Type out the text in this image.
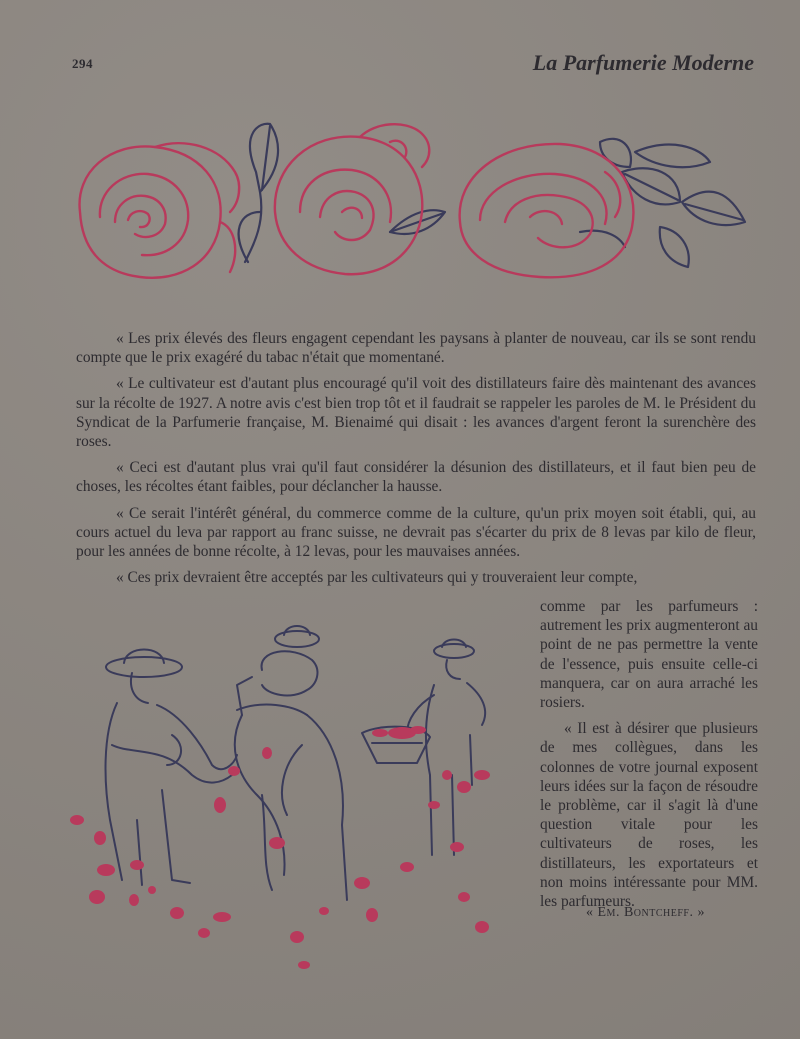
294	La Parfumerie Moderne

« Les prix élevés des fleurs engagent cependant les paysans à planter de nouveau, car ils se sont rendu compte que le prix exagéré du tabac n'était que momentané.

« Le cultivateur est d'autant plus encouragé qu'il voit des distillateurs faire dès maintenant des avances sur la récolte de 1927. A notre avis c'est bien trop tôt et il faudrait se rappeler les paroles de M. le Président du Syndicat de la Parfumerie française, M. Bienaimé qui disait : les avances d'argent feront la surenchère des roses.

« Ceci est d'autant plus vrai qu'il faut considérer la désunion des distillateurs, et il faut bien peu de choses, les récoltes étant faibles, pour déclancher la hausse.

« Ce serait l'intérêt général, du commerce comme de la culture, qu'un prix moyen soit établi, qui, au cours actuel du leva par rapport au franc suisse, ne devrait pas s'écarter du prix de 8 levas par kilo de fleur, pour les années de bonne récolte, à 12 levas, pour les mauvaises années.

« Ces prix devraient être acceptés par les cultivateurs qui y trouveraient leur compte,

comme par les parfumeurs : autrement les prix augmenteront au point de ne pas permettre la vente de l'essence, puis ensuite celle-ci manquera, car on aura arraché les rosiers.

« Il est à désirer que plusieurs de mes collègues, dans les colonnes de votre journal exposent leurs idées sur la façon de résoudre le problème, car il s'agit là d'une question vitale pour les cultivateurs de roses, les distillateurs, les exportateurs et non moins intéressante pour MM. les parfumeurs.

« Em. Bontcheff. »
